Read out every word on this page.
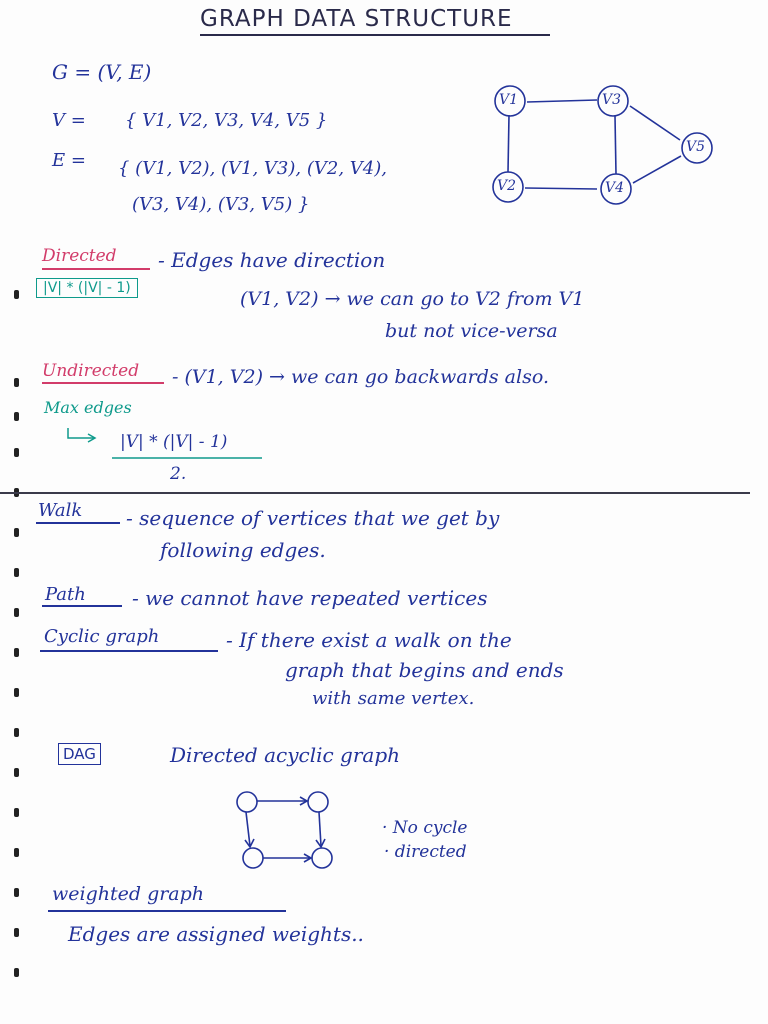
GRAPH DATA STRUCTURE
G = (V, E)
V = { V1, V2, V3, V4, V5 }
E = { (V1, V2), (V1, V3), (V2, V4),
(V3, V4), (V3, V5) }
V1
V2
V3
V4
V5
Directed - Edges have direction
|V| * (|V| - 1)	(V1, V2) → we can go to V2 from V1
but not vice-versa
Undirected - (V1, V2) → we can go backwards also.
Max edges
|V| * (|V| - 1)
2.
Walk - sequence of vertices that we get by
following edges.
Path - we cannot have repeated vertices
Cyclic graph	- If there exist a walk on the
graph that begins and ends
with same vertex.
DAG	Directed acyclic graph
· No cycle
· directed
weighted graph
Edges are assigned weights..
